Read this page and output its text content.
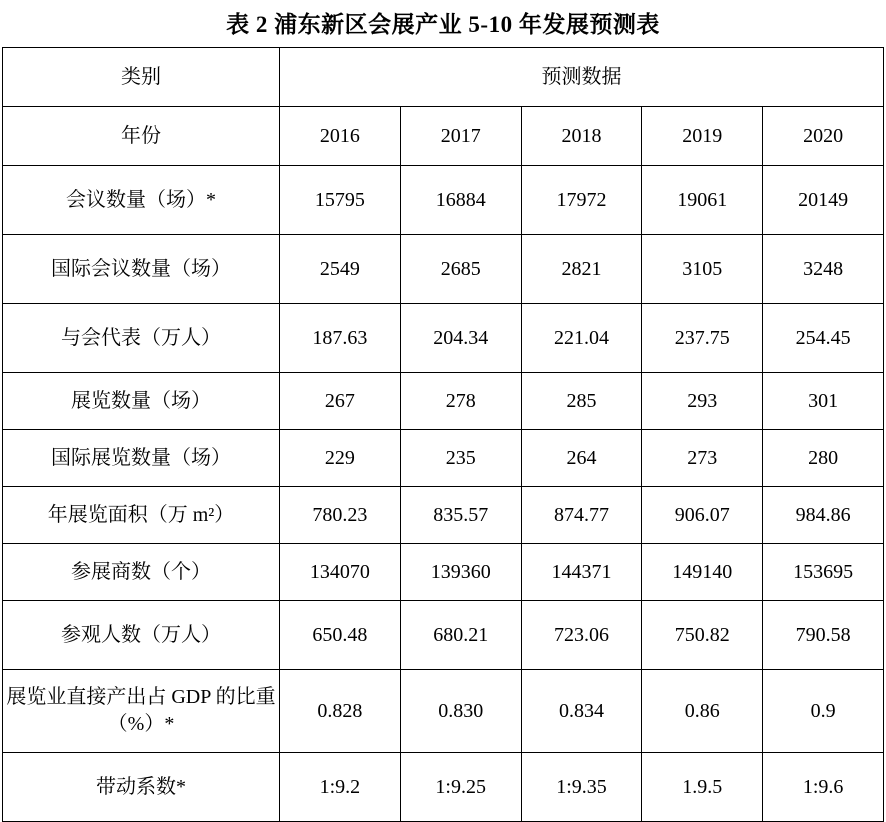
表 2 浦东新区会展产业 5-10 年发展预测表
类别	预测数据				
年份	2016	2017	2018	2019	2020
会议数量（场）*	15795	16884	17972	19061	20149
国际会议数量（场）	2549	2685	2821	3105	3248
与会代表（万人）	187.63	204.34	221.04	237.75	254.45
展览数量（场）	267	278	285	293	301
国际展览数量（场）	229	235	264	273	280
年展览面积（万 m²）	780.23	835.57	874.77	906.07	984.86
参展商数（个）	134070	139360	144371	149140	153695
参观人数（万人）	650.48	680.21	723.06	750.82	790.58
展览业直接产出占 GDP 的比重（%）*	0.828	0.830	0.834	0.86	0.9
带动系数*	1:9.2	1:9.25	1:9.35	1.9.5	1:9.6
